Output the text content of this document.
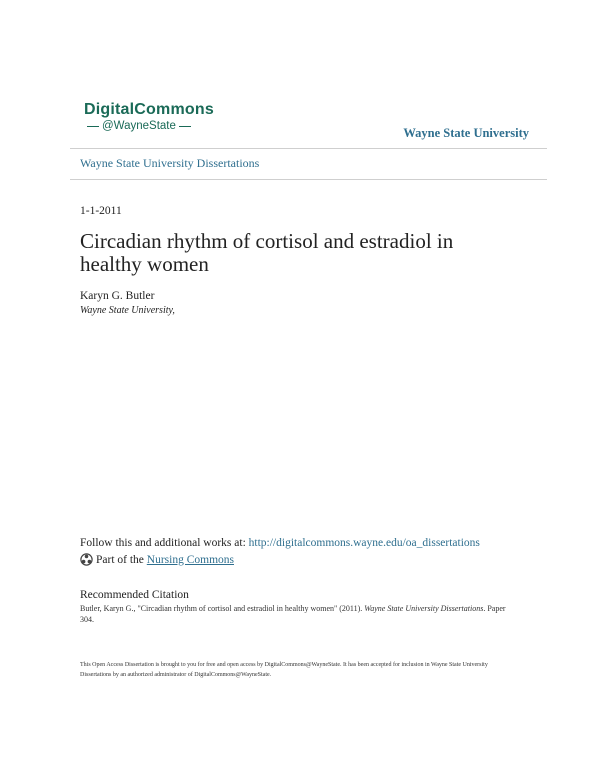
DigitalCommons
@WayneState	Wayne State University
Wayne State University Dissertations
1-1-2011
Circadian rhythm of cortisol and estradiol in healthy women
Karyn G. Butler
Wayne State University,
Follow this and additional works at: http://digitalcommons.wayne.edu/oa_dissertations
Part of the
Nursing Commons
Recommended Citation
Butler, Karyn G., "Circadian rhythm of cortisol and estradiol in healthy women" (2011). Wayne State University Dissertations. Paper 304.
This Open Access Dissertation is brought to you for free and open access by DigitalCommons@WayneState. It has been accepted for inclusion in Wayne State University Dissertations by an authorized administrator of DigitalCommons@WayneState.
